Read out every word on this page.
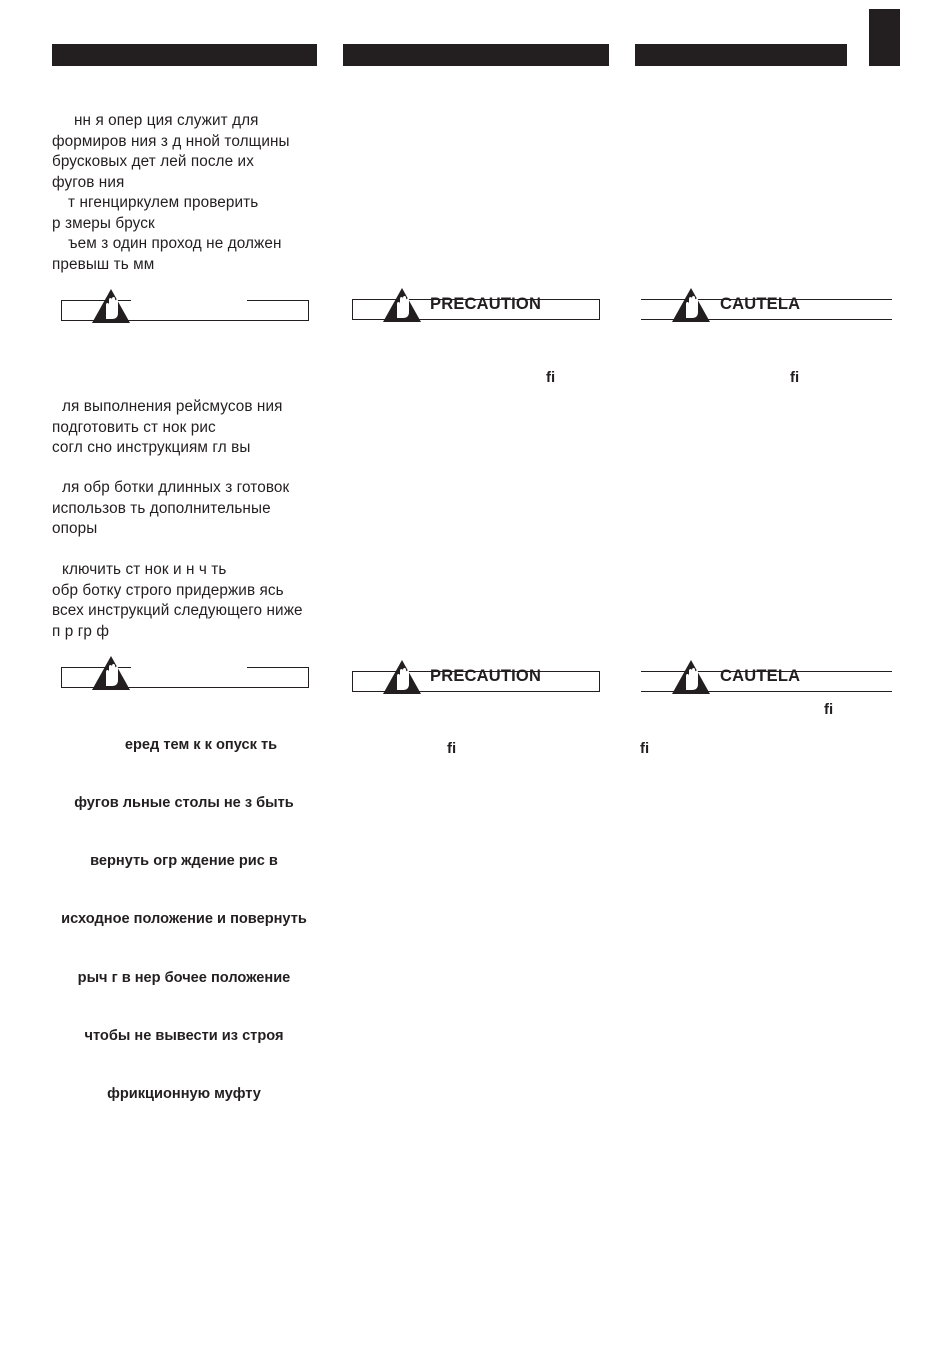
нн я опер ция служит для
формиров ния з д нной толщины
брусковых дет лей после их
фугов ния
т нгенциркулем проверить
р змеры бруск
ъем з один проход не должен
превыш ть мм
ля выполнения рейсмусов ния
подготовить ст нок рис
согл сно инструкциям гл вы
ля обр ботки длинных з готовок
использов ть дополнительные
опоры
ключить ст нок и н ч ть
обр ботку строго придержив ясь
всех инструкций следующего ниже
п р гр ф

еред тем к к опуск ть

фугов льные столы не з быть

вернуть огр ждение рис в

исходное положение и повернуть

рыч г в нер бочее положение

чтобы не вывести из строя

фрикционную муфту

PRECAUTION
fi
PRECAUTION
fi
CAUTELA
fi
CAUTELA
fi
fi
